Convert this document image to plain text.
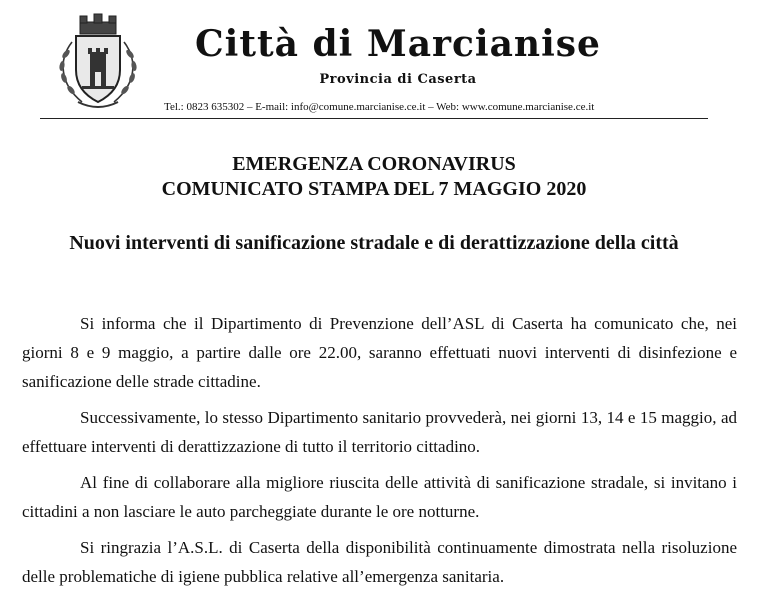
Città di Marcianise

Provincia di Caserta

Tel.: 0823 635302 – E-mail: info@comune.marcianise.ce.it – Web: www.comune.marcianise.ce.it

EMERGENZA CORONAVIRUS
COMUNICATO STAMPA DEL 7 MAGGIO 2020
Nuovi interventi di sanificazione stradale e di derattizzazione della città

Si informa che il Dipartimento di Prevenzione dell’ASL di Caserta ha comunicato che, nei giorni 8 e 9 maggio, a partire dalle ore 22.00, saranno effettuati nuovi interventi di disinfezione e sanificazione delle strade cittadine.

Successivamente, lo stesso Dipartimento sanitario provvederà, nei giorni 13, 14 e 15 maggio, ad effettuare interventi di derattizzazione di tutto il territorio cittadino.

Al fine di collaborare alla migliore riuscita delle attività di sanificazione stradale, si invitano i cittadini a non lasciare le auto parcheggiate durante le ore notturne.

Si ringrazia l’A.S.L. di Caserta della disponibilità continuamente dimostrata nella risoluzione delle problematiche di igiene pubblica relative all’emergenza sanitaria.
